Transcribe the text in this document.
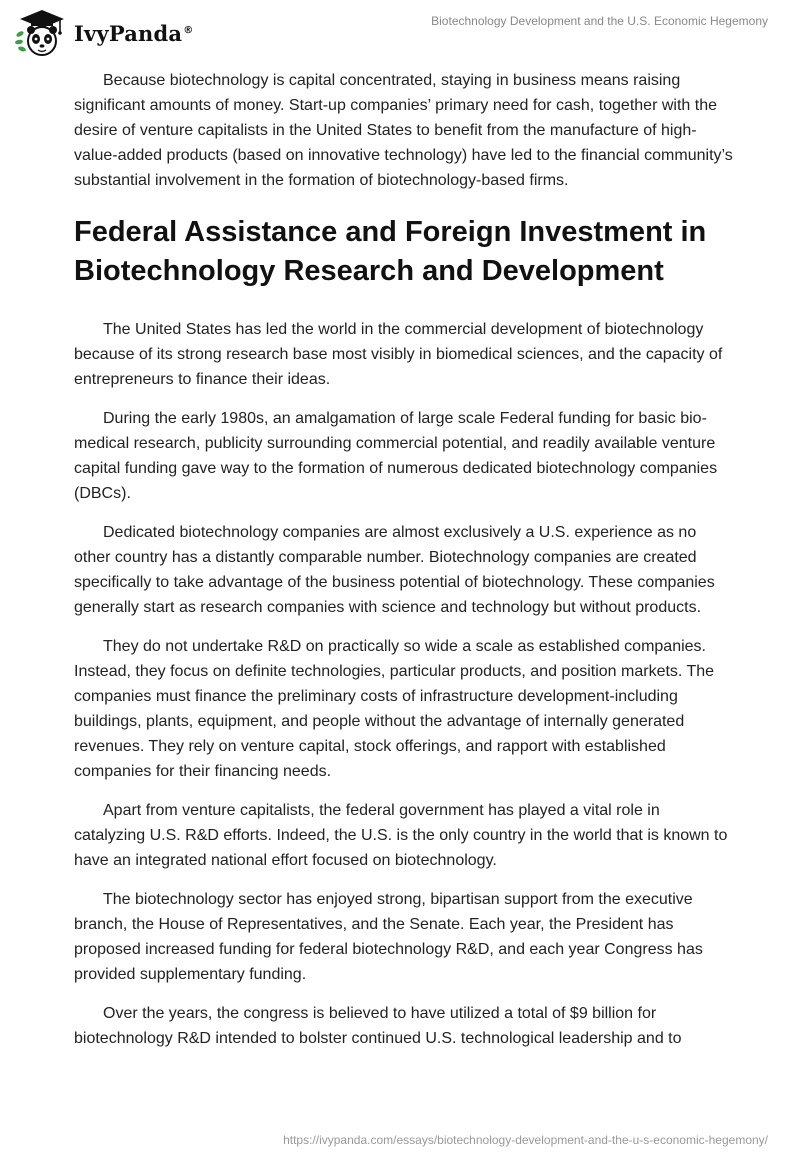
IvyPanda®
Biotechnology Development and the U.S. Economic Hegemony

Because biotechnology is capital concentrated, staying in business means raising significant amounts of money. Start-up companies’ primary need for cash, together with the desire of venture capitalists in the United States to benefit from the manufacture of high-value-added products (based on innovative technology) have led to the financial community’s substantial involvement in the formation of biotechnology-based firms.

Federal Assistance and Foreign Investment in Biotechnology Research and Development

The United States has led the world in the commercial development of biotechnology because of its strong research base most visibly in biomedical sciences, and the capacity of entrepreneurs to finance their ideas.

During the early 1980s, an amalgamation of large scale Federal funding for basic bio-medical research, publicity surrounding commercial potential, and readily available venture capital funding gave way to the formation of numerous dedicated biotechnology companies (DBCs).

Dedicated biotechnology companies are almost exclusively a U.S. experience as no other country has a distantly comparable number. Biotechnology companies are created specifically to take advantage of the business potential of biotechnology. These companies generally start as research companies with science and technology but without products.

They do not undertake R&D on practically so wide a scale as established companies. Instead, they focus on definite technologies, particular products, and position markets. The companies must finance the preliminary costs of infrastructure development-including buildings, plants, equipment, and people without the advantage of internally generated revenues. They rely on venture capital, stock offerings, and rapport with established companies for their financing needs.

Apart from venture capitalists, the federal government has played a vital role in catalyzing U.S. R&D efforts. Indeed, the U.S. is the only country in the world that is known to have an integrated national effort focused on biotechnology.

The biotechnology sector has enjoyed strong, bipartisan support from the executive branch, the House of Representatives, and the Senate. Each year, the President has proposed increased funding for federal biotechnology R&D, and each year Congress has provided supplementary funding.

Over the years, the congress is believed to have utilized a total of $9 billion for biotechnology R&D intended to bolster continued U.S. technological leadership and to

https://ivypanda.com/essays/biotechnology-development-and-the-u-s-economic-hegemony/
